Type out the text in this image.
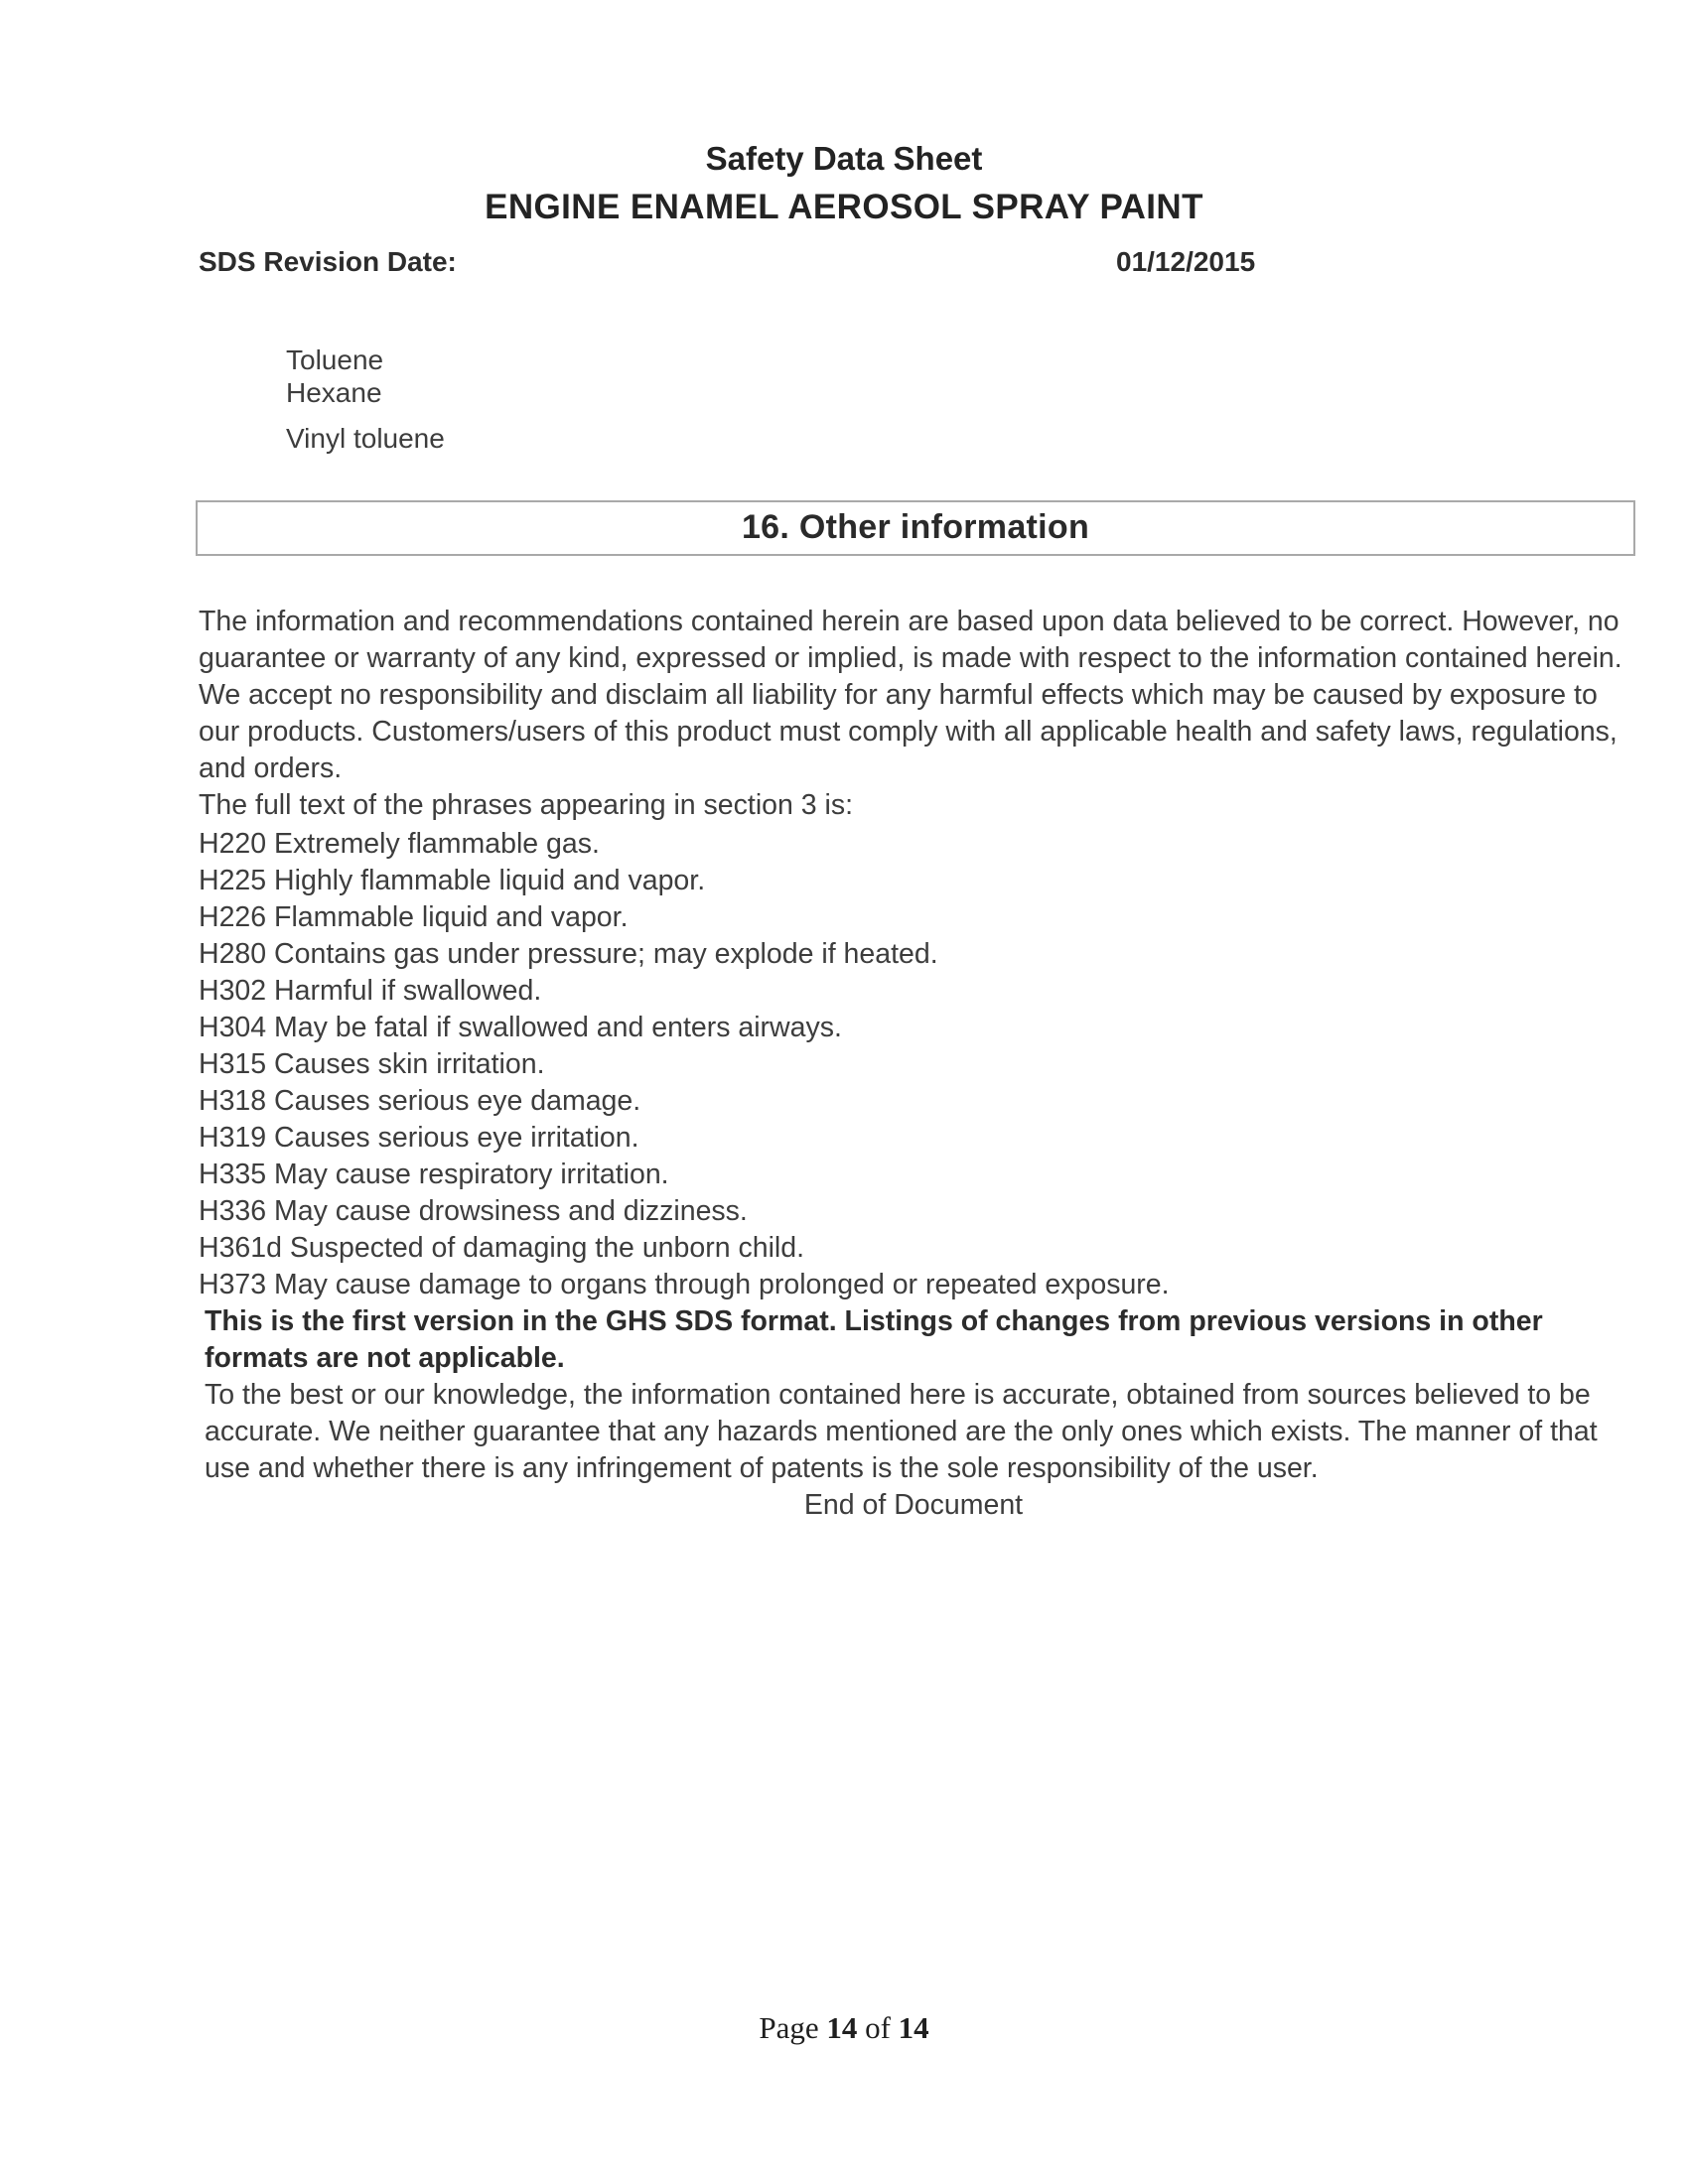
Safety Data Sheet
ENGINE ENAMEL AEROSOL SPRAY PAINT
SDS Revision Date:	01/12/2015
Toluene
Hexane
Vinyl toluene
16. Other information

The information and recommendations contained herein are based upon data believed to be correct. However, no guarantee or warranty of any kind, expressed or implied, is made with respect to the information contained herein. We accept no responsibility and disclaim all liability for any harmful effects which may be caused by exposure to our products. Customers/users of this product must comply with all applicable health and safety laws, regulations, and orders.

The full text of the phrases appearing in section 3 is:

H220 Extremely flammable gas.

H225 Highly flammable liquid and vapor.

H226 Flammable liquid and vapor.

H280 Contains gas under pressure; may explode if heated.

H302 Harmful if swallowed.

H304 May be fatal if swallowed and enters airways.

H315 Causes skin irritation.

H318 Causes serious eye damage.

H319 Causes serious eye irritation.

H335 May cause respiratory irritation.

H336 May cause drowsiness and dizziness.

H361d Suspected of damaging the unborn child.

H373 May cause damage to organs through prolonged or repeated exposure.

This is the first version in the GHS SDS format. Listings of changes from previous versions in other formats are not applicable.

To the best or our knowledge, the information contained here is accurate, obtained from sources believed to be accurate. We neither guarantee that any hazards mentioned are the only ones which exists. The manner of that use and whether there is any infringement of patents is the sole responsibility of the user.

End of Document

Page 14 of 14
